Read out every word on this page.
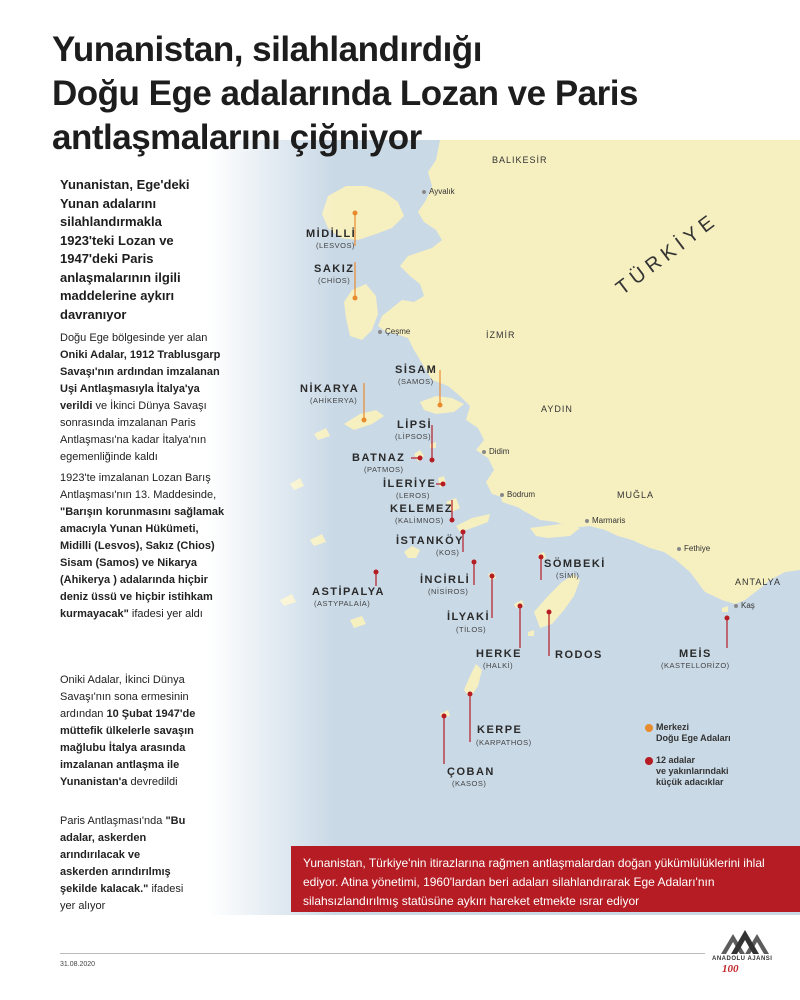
Yunanistan, silahlandırdığı
Doğu Ege adalarında Lozan ve Paris
antlaşmalarını çiğniyor
Yunanistan, Ege'deki Yunan adalarını silahlandırmakla 1923'teki Lozan ve 1947'deki Paris anlaşmalarının ilgili maddelerine aykırı davranıyor
Doğu Ege bölgesinde yer alan Oniki Adalar, 1912 Trablusgarp Savaşı'nın ardından imzalanan Uşi Antlaşmasıyla İtalya'ya verildi ve İkinci Dünya Savaşı sonrasında imzalanan Paris Antlaşması'na kadar İtalya'nın egemenliğinde kaldı
1923'te imzalanan Lozan Barış Antlaşması'nın 13. Maddesinde,
"Barışın korunmasını sağlamak amacıyla Yunan Hükümeti, Midilli (Lesvos), Sakız (Chios) Sisam (Samos) ve Nikarya (Ahikerya ) adalarında hiçbir deniz üssü ve hiçbir istihkam kurmayacak" ifadesi yer aldı
Oniki Adalar, İkinci Dünya Savaşı'nın sona ermesinin ardından 10 Şubat 1947'de müttefik ülkelerle savaşın mağlubu İtalya arasında imzalanan antlaşma ile Yunanistan'a devredildi
Paris Antlaşması'nda "Bu adalar, askerden arındırılacak ve askerden arındırılmış şekilde kalacak." ifadesi yer alıyor
TÜRKİYE
BALIKESİR
İZMİR
AYDIN
MUĞLA
ANTALYA
Ayvalık
Çeşme
Didim
Bodrum
Marmaris
Fethiye
Kaş
MİDİLLİ
(LESVOS)
SAKIZ
(CHİOS)
SİSAM
(SAMOS)
NİKARYA
(AHİKERYA)
LİPSİ
(LİPSOS)
BATNAZ
(PATMOS)
İLERİYE
(LEROS)
KELEMEZ
(KALİMNOS)
İSTANKÖY
(KOS)
ASTİPALYA
(ASTYPALAİA)
İNCİRLİ
(NİSİROS)
SÖMBEKİ
(SİMİ)
İLYAKİ
(TİLOS)
HERKE
(HALKİ)
RODOS	MEİS
(KASTELLORİZO)
KERPE
(KARPATHOS)
ÇOBAN
(KASOS)
Merkezi
Doğu Ege Adaları
12 adalar
ve yakınlarındaki
küçük adacıklar
Yunanistan, Türkiye'nin itirazlarına rağmen antlaşmalardan doğan yükümlülüklerini ihlal ediyor. Atina yönetimi, 1960'lardan beri adaları silahlandırarak Ege Adaları'nın silahsızlandırılmış statüsüne aykırı hareket etmekte ısrar ediyor
31.08.2020
ANADOLU AJANSI
100
